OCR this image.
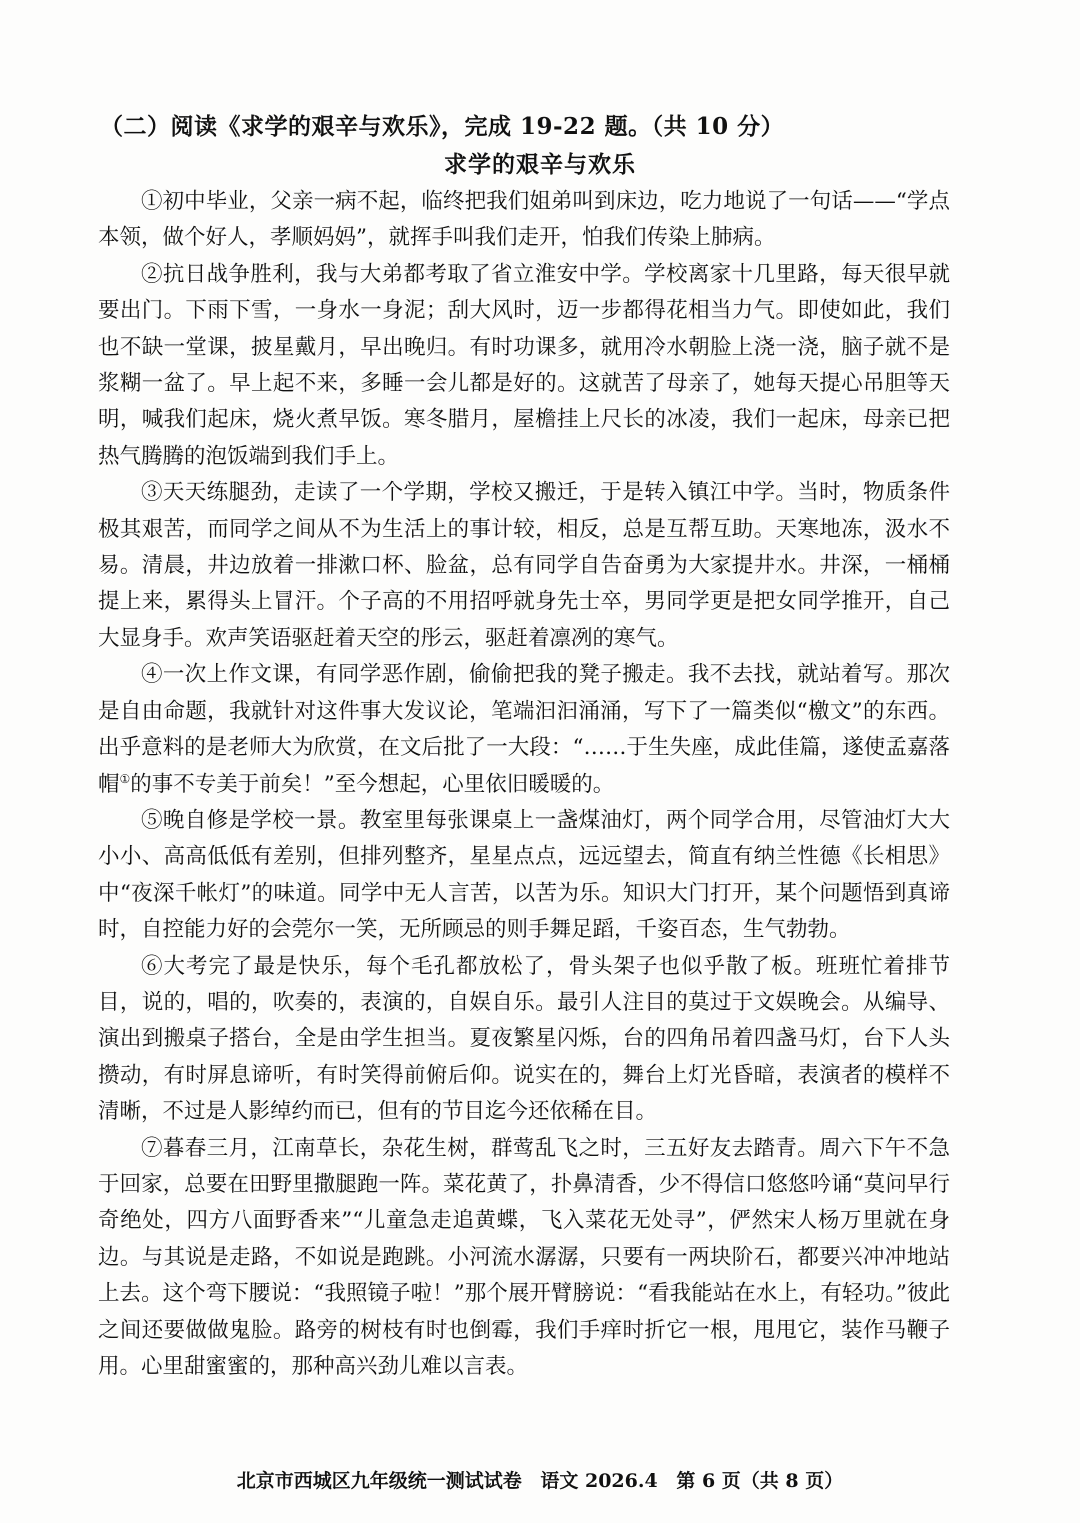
（二）阅读《求学的艰辛与欢乐》，完成 19-22 题。（共 10 分）
求学的艰辛与欢乐

①初中毕业，父亲一病不起，临终把我们姐弟叫到床边，吃力地说了一句话——“学点本领，做个好人，孝顺妈妈”，就挥手叫我们走开，怕我们传染上肺病。

②抗日战争胜利，我与大弟都考取了省立淮安中学。学校离家十几里路，每天很早就要出门。下雨下雪，一身水一身泥；刮大风时，迈一步都得花相当力气。即使如此，我们也不缺一堂课，披星戴月，早出晚归。有时功课多，就用冷水朝脸上浇一浇，脑子就不是浆糊一盆了。早上起不来，多睡一会儿都是好的。这就苦了母亲了，她每天提心吊胆等天明，喊我们起床，烧火煮早饭。寒冬腊月，屋檐挂上尺长的冰凌，我们一起床，母亲已把热气腾腾的泡饭端到我们手上。

③天天练腿劲，走读了一个学期，学校又搬迁，于是转入镇江中学。当时，物质条件极其艰苦，而同学之间从不为生活上的事计较，相反，总是互帮互助。天寒地冻，汲水不易。清晨，井边放着一排漱口杯、脸盆，总有同学自告奋勇为大家提井水。井深，一桶桶提上来，累得头上冒汗。个子高的不用招呼就身先士卒，男同学更是把女同学推开，自己大显身手。欢声笑语驱赶着天空的彤云，驱赶着凛冽的寒气。

④一次上作文课，有同学恶作剧，偷偷把我的凳子搬走。我不去找，就站着写。那次是自由命题，我就针对这件事大发议论，笔端汩汩涌涌，写下了一篇类似“檄文”的东西。出乎意料的是老师大为欣赏，在文后批了一大段：“……于生失座，成此佳篇，遂使孟嘉落帽①的事不专美于前矣！”至今想起，心里依旧暖暖的。

⑤晚自修是学校一景。教室里每张课桌上一盏煤油灯，两个同学合用，尽管油灯大大小小、高高低低有差别，但排列整齐，星星点点，远远望去，简直有纳兰性德《长相思》中“夜深千帐灯”的味道。同学中无人言苦，以苦为乐。知识大门打开，某个问题悟到真谛时，自控能力好的会莞尔一笑，无所顾忌的则手舞足蹈，千姿百态，生气勃勃。

⑥大考完了最是快乐，每个毛孔都放松了，骨头架子也似乎散了板。班班忙着排节目，说的，唱的，吹奏的，表演的，自娱自乐。最引人注目的莫过于文娱晚会。从编导、演出到搬桌子搭台，全是由学生担当。夏夜繁星闪烁，台的四角吊着四盏马灯，台下人头攒动，有时屏息谛听，有时笑得前俯后仰。说实在的，舞台上灯光昏暗，表演者的模样不清晰，不过是人影绰约而已，但有的节目迄今还依稀在目。

⑦暮春三月，江南草长，杂花生树，群莺乱飞之时，三五好友去踏青。周六下午不急于回家，总要在田野里撒腿跑一阵。菜花黄了，扑鼻清香，少不得信口悠悠吟诵“莫问早行奇绝处，四方八面野香来”“儿童急走追黄蝶，飞入菜花无处寻”，俨然宋人杨万里就在身边。与其说是走路，不如说是跑跳。小河流水潺潺，只要有一两块阶石，都要兴冲冲地站上去。这个弯下腰说：“我照镜子啦！”那个展开臂膀说：“看我能站在水上，有轻功。”彼此之间还要做做鬼脸。路旁的树枝有时也倒霉，我们手痒时折它一根，甩甩它，装作马鞭子用。心里甜蜜蜜的，那种高兴劲儿难以言表。

北京市西城区九年级统一测试试卷 语文 2026.4 第 6 页（共 8 页）
